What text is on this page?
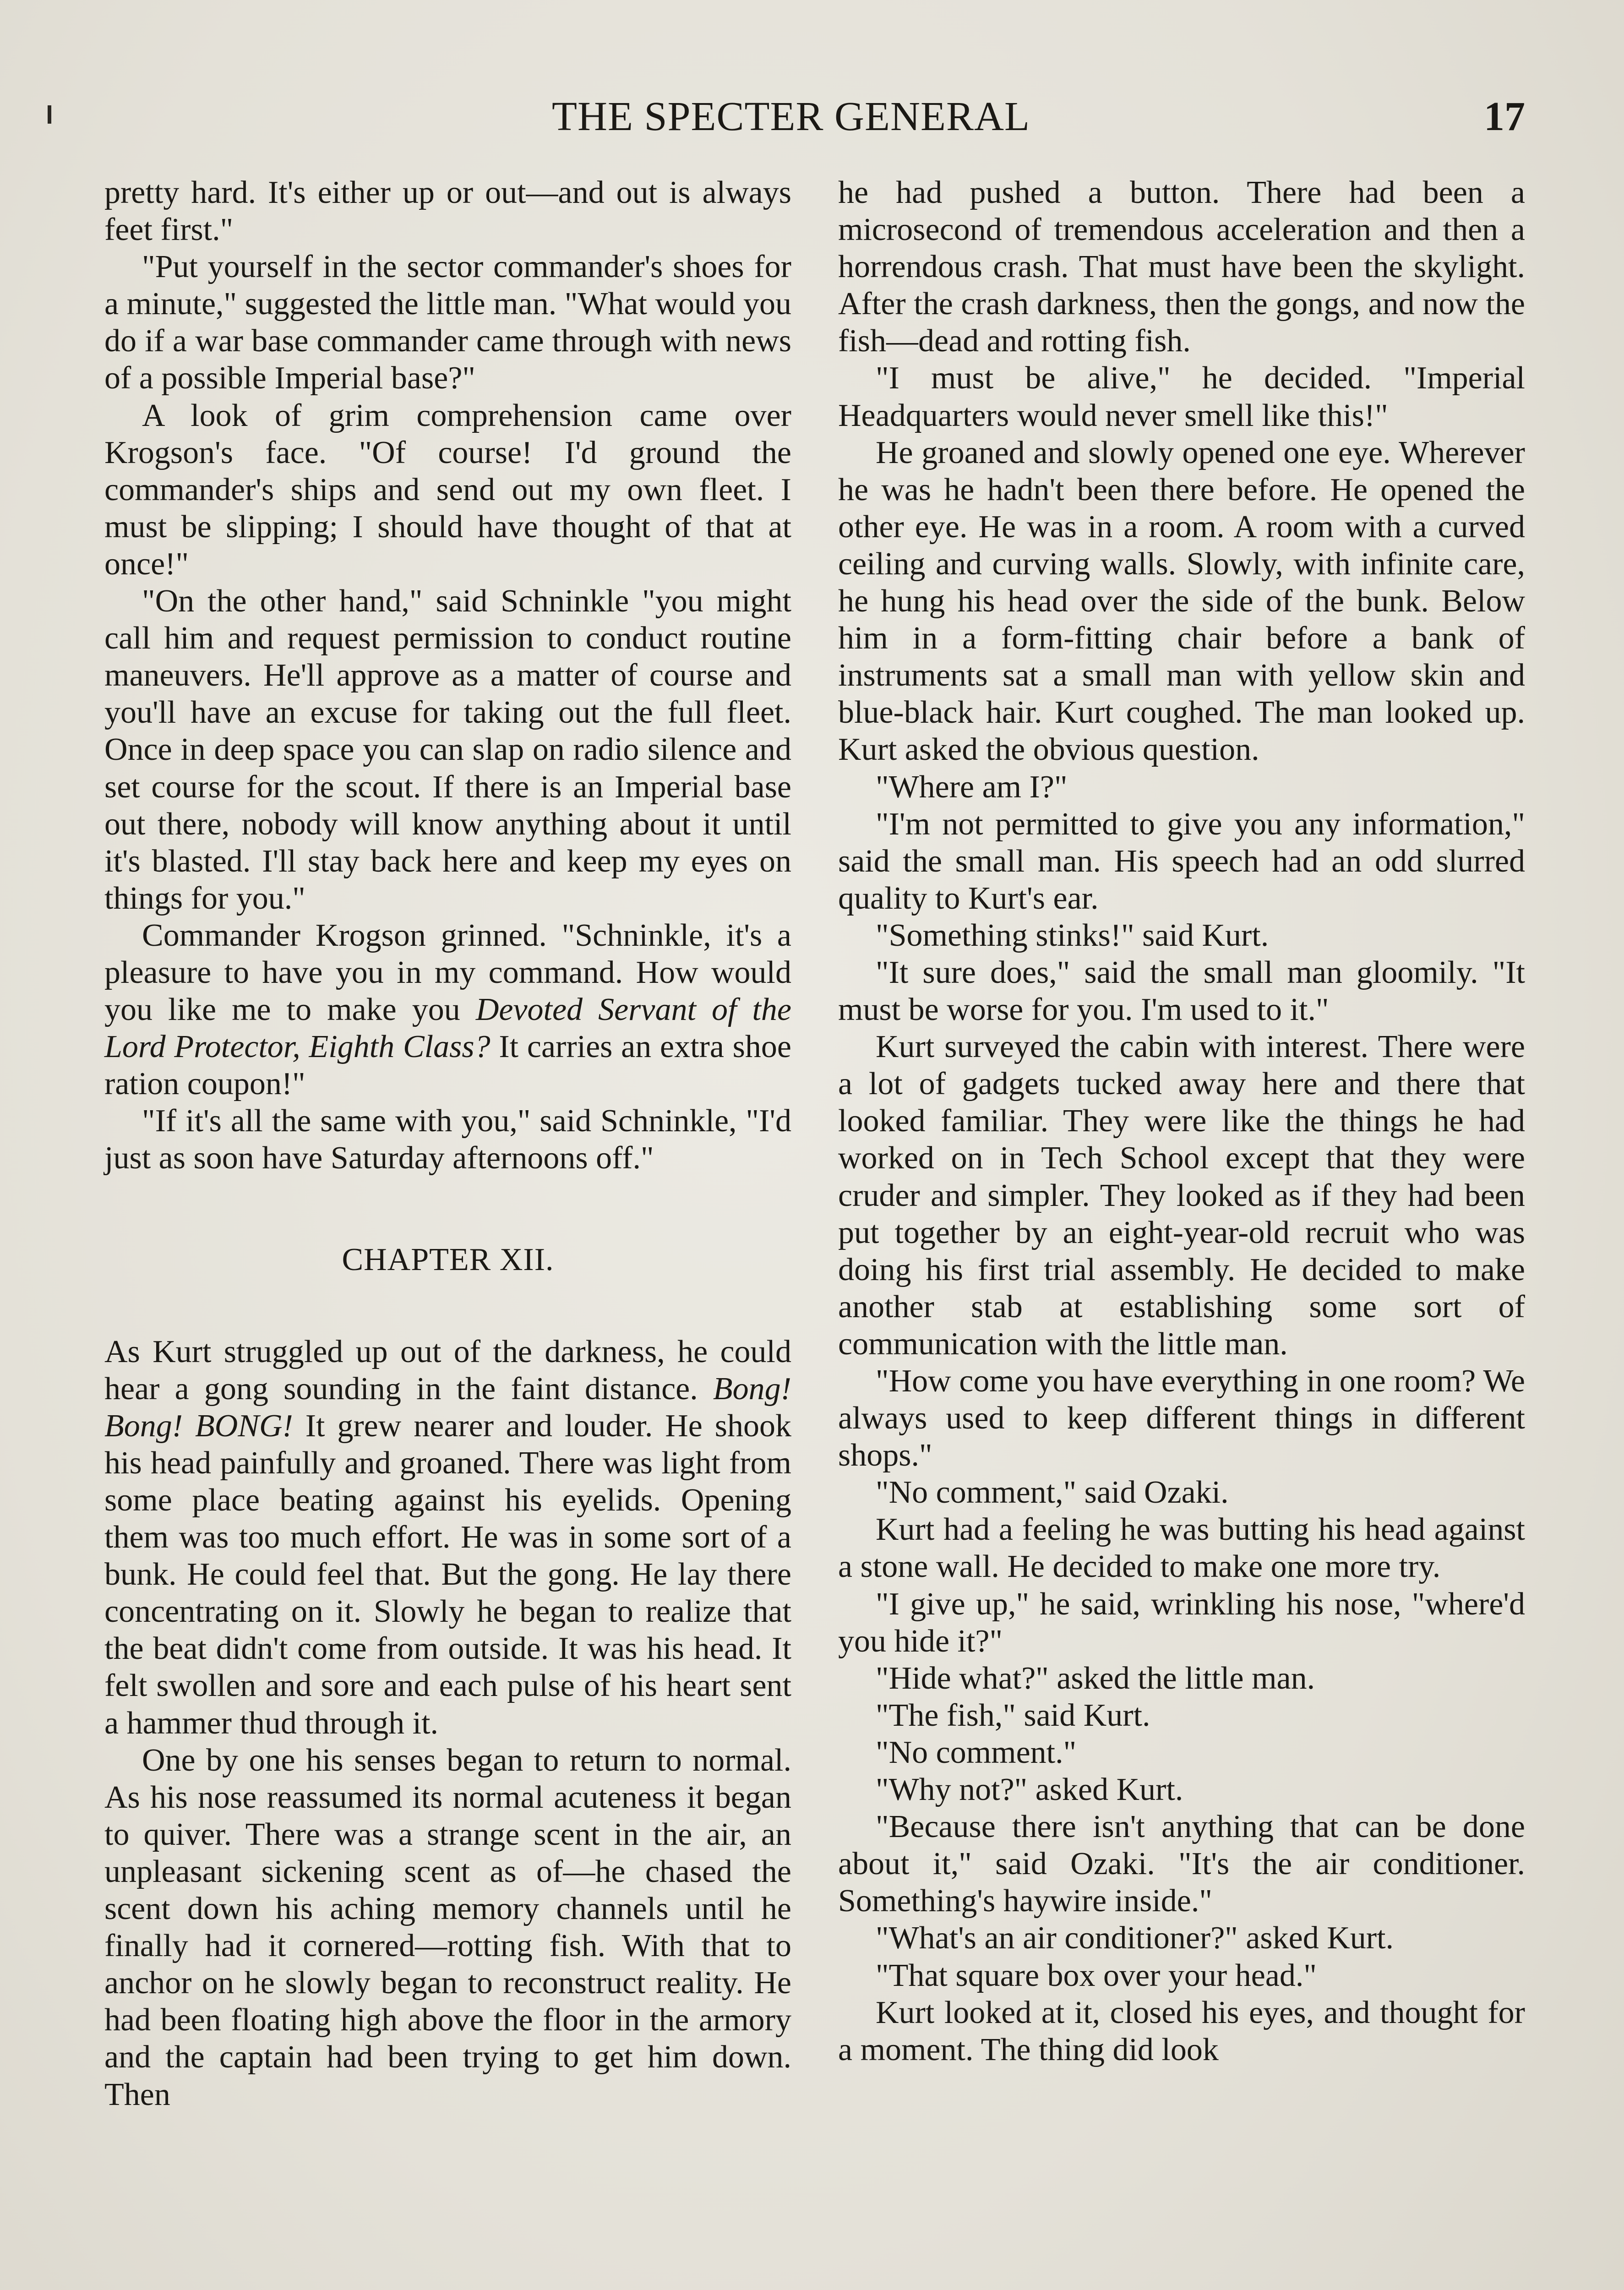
THE SPECTER GENERAL	17

pretty hard. It's either up or out—and out is always feet first."

"Put yourself in the sector commander's shoes for a minute," suggested the little man. "What would you do if a war base commander came through with news of a possible Imperial base?"

A look of grim comprehension came over Krogson's face. "Of course! I'd ground the commander's ships and send out my own fleet. I must be slipping; I should have thought of that at once!"

"On the other hand," said Schninkle "you might call him and request permission to conduct routine maneuvers. He'll approve as a matter of course and you'll have an excuse for taking out the full fleet. Once in deep space you can slap on radio silence and set course for the scout. If there is an Imperial base out there, nobody will know anything about it until it's blasted. I'll stay back here and keep my eyes on things for you."

Commander Krogson grinned. "Schninkle, it's a pleasure to have you in my command. How would you like me to make you Devoted Servant of the Lord Protector, Eighth Class? It carries an extra shoe ration coupon!"

"If it's all the same with you," said Schninkle, "I'd just as soon have Saturday afternoons off."

CHAPTER XII.

As Kurt struggled up out of the darkness, he could hear a gong sounding in the faint distance. Bong! Bong! BONG! It grew nearer and louder. He shook his head painfully and groaned. There was light from some place beating against his eyelids. Opening them was too much effort. He was in some sort of a bunk. He could feel that. But the gong. He lay there concentrating on it. Slowly he began to realize that the beat didn't come from outside. It was his head. It felt swollen and sore and each pulse of his heart sent a hammer thud through it.

One by one his senses began to return to normal. As his nose reassumed its normal acuteness it began to quiver. There was a strange scent in the air, an unpleasant sickening scent as of—he chased the scent down his aching memory channels until he finally had it cornered—rotting fish. With that to anchor on he slowly began to reconstruct reality. He had been floating high above the floor in the armory and the captain had been trying to get him down. Then

he had pushed a button. There had been a microsecond of tremendous acceleration and then a horrendous crash. That must have been the skylight. After the crash darkness, then the gongs, and now the fish—dead and rotting fish.

"I must be alive," he decided. "Imperial Headquarters would never smell like this!"

He groaned and slowly opened one eye. Wherever he was he hadn't been there before. He opened the other eye. He was in a room. A room with a curved ceiling and curving walls. Slowly, with infinite care, he hung his head over the side of the bunk. Below him in a form-fitting chair before a bank of instruments sat a small man with yellow skin and blue-black hair. Kurt coughed. The man looked up. Kurt asked the obvious question.

"Where am I?"

"I'm not permitted to give you any information," said the small man. His speech had an odd slurred quality to Kurt's ear.

"Something stinks!" said Kurt.

"It sure does," said the small man gloomily. "It must be worse for you. I'm used to it."

Kurt surveyed the cabin with interest. There were a lot of gadgets tucked away here and there that looked familiar. They were like the things he had worked on in Tech School except that they were cruder and simpler. They looked as if they had been put together by an eight-year-old recruit who was doing his first trial assembly. He decided to make another stab at establishing some sort of communication with the little man.

"How come you have everything in one room? We always used to keep different things in different shops."

"No comment," said Ozaki.

Kurt had a feeling he was butting his head against a stone wall. He decided to make one more try.

"I give up," he said, wrinkling his nose, "where'd you hide it?"

"Hide what?" asked the little man.

"The fish," said Kurt.

"No comment."

"Why not?" asked Kurt.

"Because there isn't anything that can be done about it," said Ozaki. "It's the air conditioner. Something's haywire inside."

"What's an air conditioner?" asked Kurt.

"That square box over your head."

Kurt looked at it, closed his eyes, and thought for a moment. The thing did look
